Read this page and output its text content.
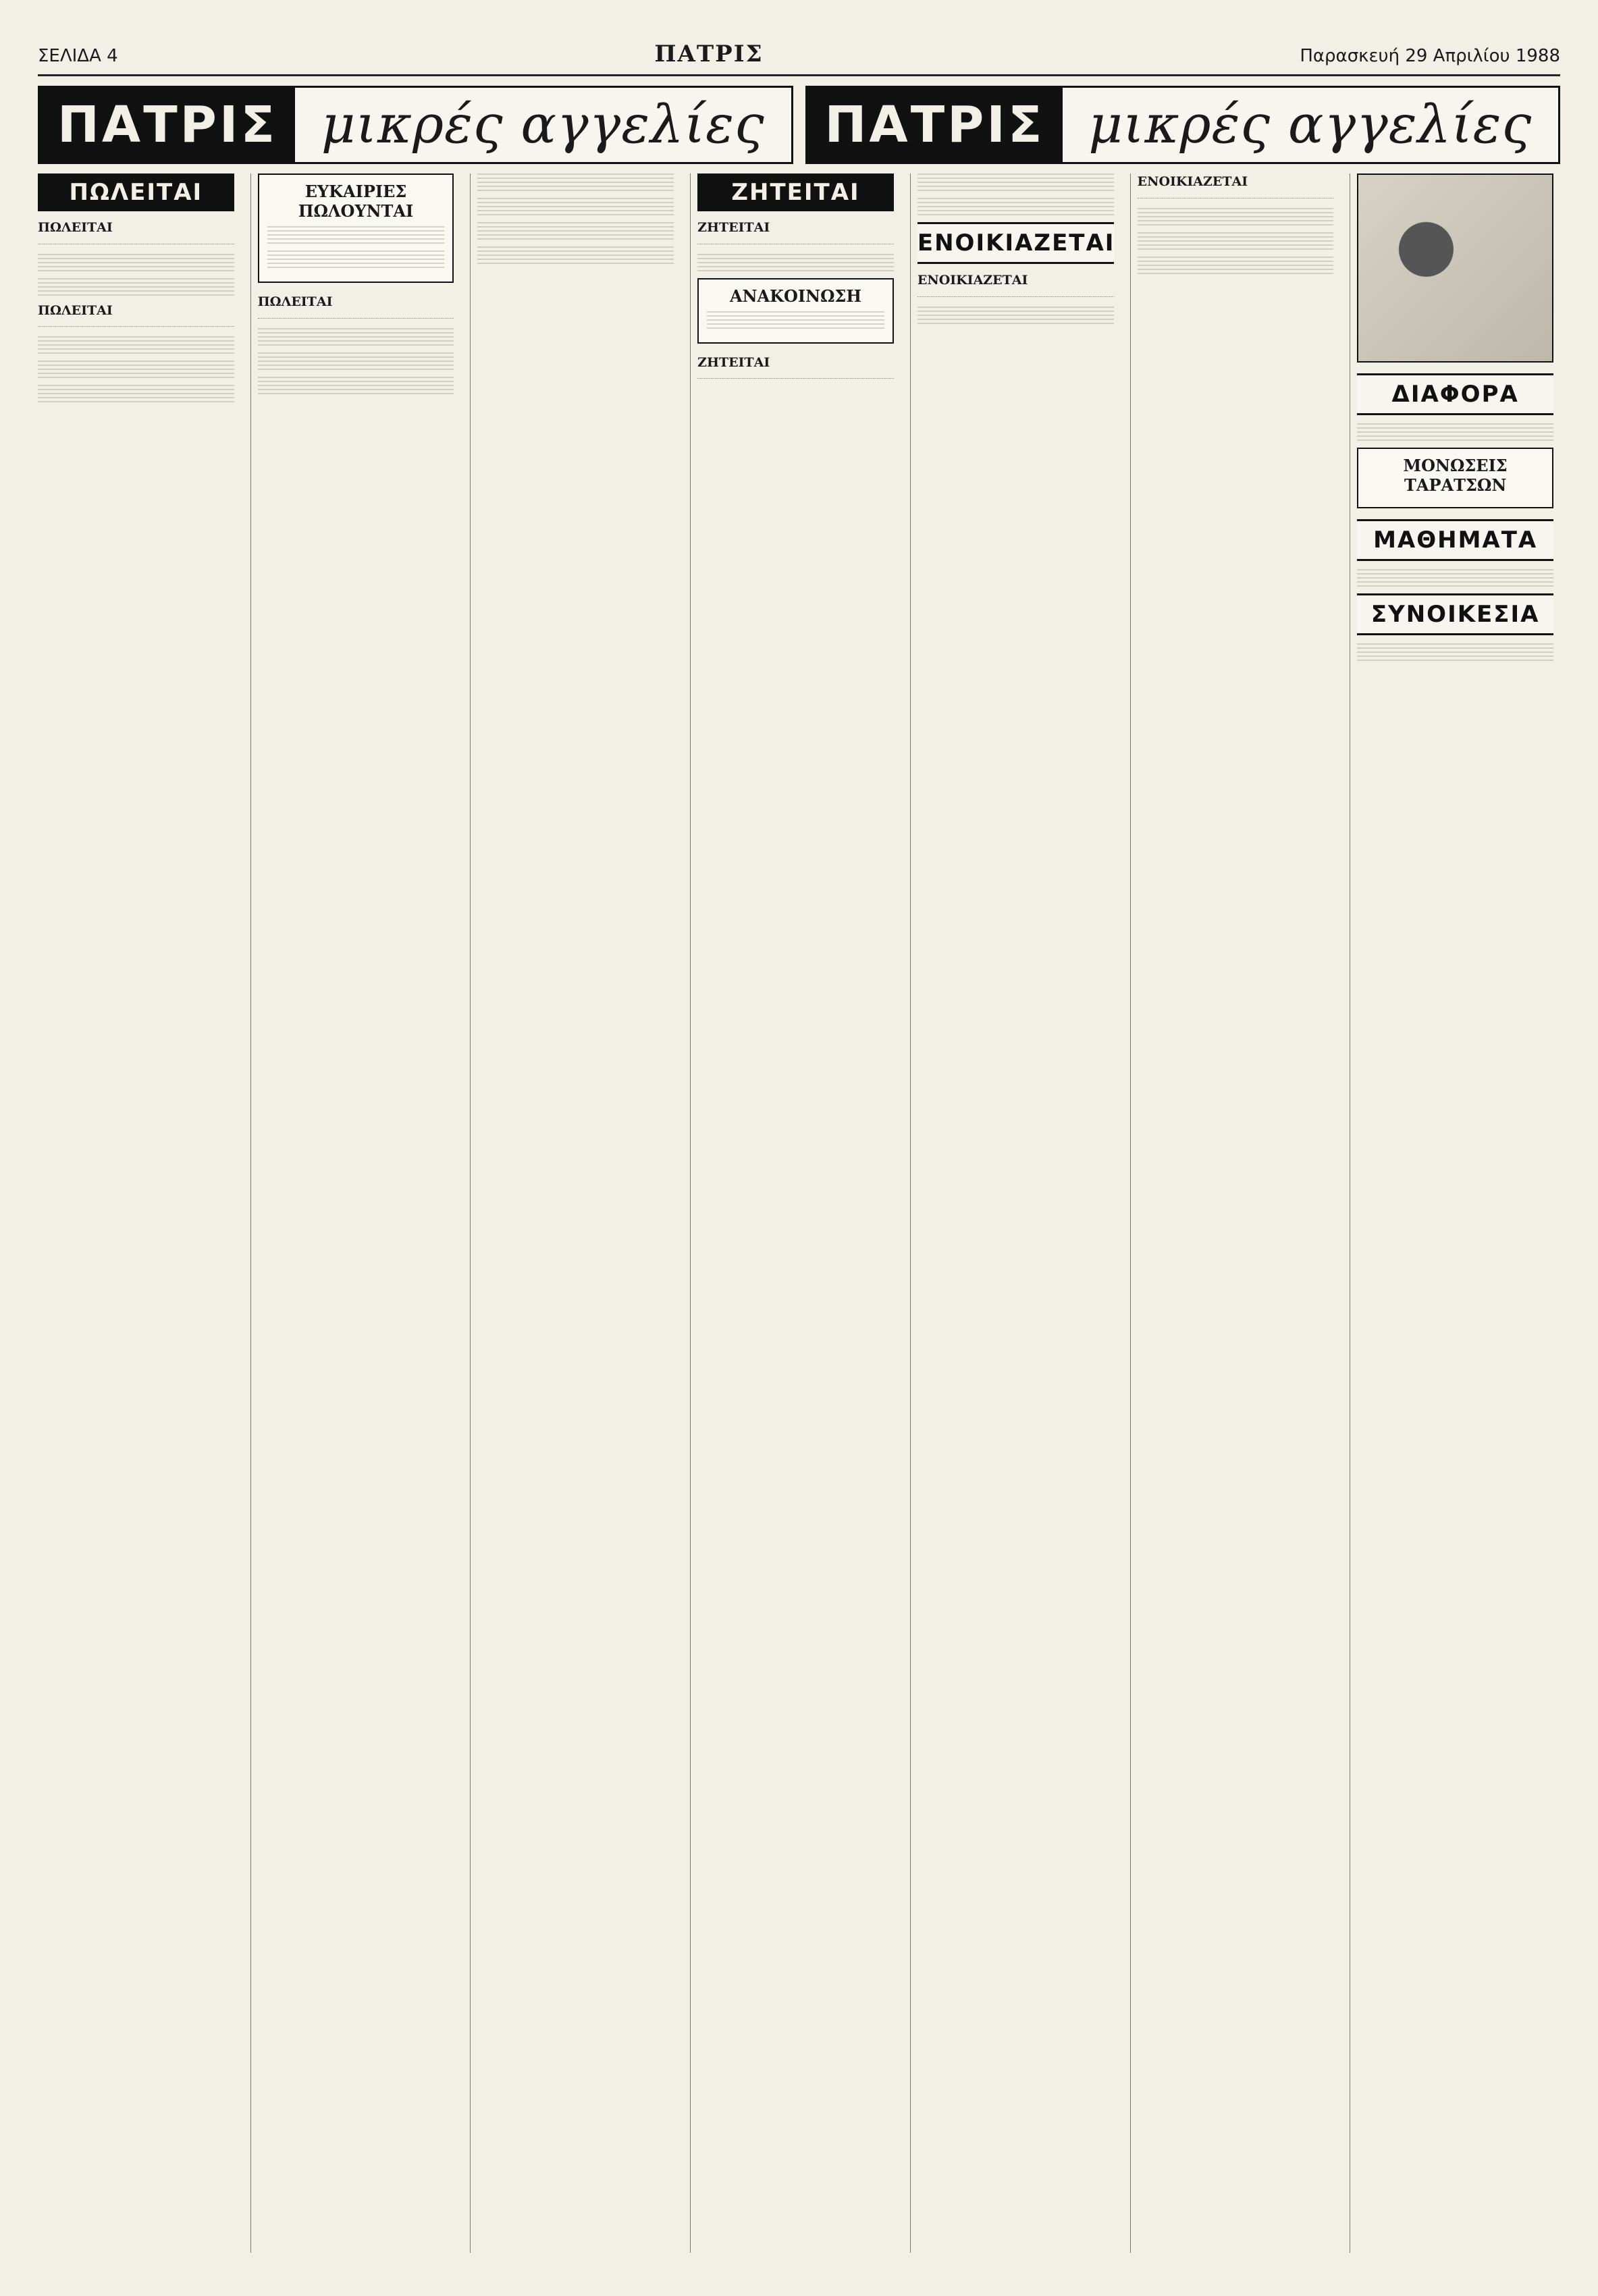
ΣΕΛΙΔΑ 4	ΠΑΤΡΙΣ	Παρασκευή 29 Απριλίου 1988
ΠΑΤΡΙΣ μικρές αγγελίες	ΠΑΤΡΙΣ μικρές αγγελίες
ΠΩΛΕΙΤΑΙ
ΠΩΛΕΙΤΑΙ
ΠΩΛΕΙΤΑΙ
ΕΥΚΑΙΡΙΕΣ ΠΩΛΟΥΝΤΑΙ
ΠΩΛΕΙΤΑΙ
ΖΗΤΕΙΤΑΙ
ΖΗΤΕΙΤΑΙ
ΑΝΑΚΟΙΝΩΣΗ
ΖΗΤΕΙΤΑΙ
ΕΝΟΙΚΙΑΖΕΤΑΙ
ΕΝΟΙΚΙΑΖΕΤΑΙ
ΕΝΟΙΚΙΑΖΕΤΑΙ
ΔΙΑΦΟΡΑ
ΜΟΝΩΣΕΙΣ ΤΑΡΑΤΣΩΝ
ΜΑΘΗΜΑΤΑ
ΣΥΝΟΙΚΕΣΙΑ
